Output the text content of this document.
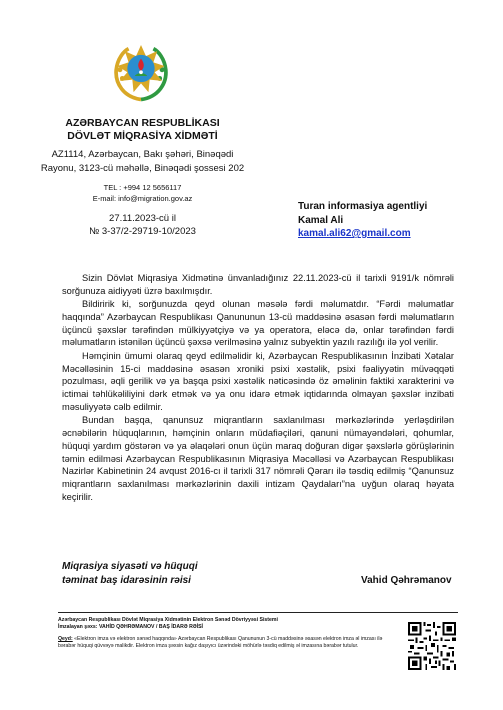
AZƏRBAYCAN RESPUBLİKASI
DÖVLƏT MİQRASİYA XİDMƏTİ
AZ1114, Azərbaycan, Bakı şəhəri, Binəqədi
Rayonu, 3123-cü məhəllə, Binəqədi şossesi 202
TEL : +994 12 5656117
E-mail: info@migration.gov.az
27.11.2023-cü il
№ 3-37/2-29719-10/2023
Turan informasiya agentliyi
Kamal Ali
kamal.ali62@gmail.com

Sizin Dövlət Miqrasiya Xidmətinə ünvanladığınız 22.11.2023-cü il tarixli 9191/k nömrəli sorğunuza aidiyyəti üzrə baxılmışdır.

Bildiririk ki, sorğunuzda qeyd olunan məsələ fərdi məlumatdır. “Fərdi məlumatlar haqqında” Azərbaycan Respublikası Qanununun 13-cü maddəsinə əsasən fərdi məlumatların üçüncü şəxslər tərəfindən mülkiyyətçiyə və ya operatora, eləcə də, onlar tərəfindən fərdi məlumatların istənilən üçüncü şəxsə verilməsinə yalnız subyektin yazılı razılığı ilə yol verilir.

Həmçinin ümumi olaraq qeyd edilməlidir ki, Azərbaycan Respublikasının İnzibati Xətalar Məcəlləsinin 15-ci maddəsinə əsasən xroniki psixi xəstəlik, psixi fəaliyyətin müvəqqəti pozulması, əqli gerilik və ya başqa psixi xəstəlik nəticəsində öz əməlinin faktiki xarakterini və ictimai təhlükəliliyini dərk etmək və ya onu idarə etmək iqtidarında olmayan şəxslər inzibati məsuliyyətə cəlb edilmir.

Bundan başqa, qanunsuz miqrantların saxlanılması mərkəzlərində yerləşdirilən əcnəbilərin hüquqlarının, həmçinin onların müdafiəçiləri, qanuni nümayəndələri, qohumlar, hüquqi yardım göstərən və ya əlaqələri onun üçün maraq doğuran digər şəxslərlə görüşlərinin təmin edilməsi Azərbaycan Respublikasının Miqrasiya Məcəlləsi və Azərbaycan Respublikası Nazirlər Kabinetinin 24 avqust 2016-cı il tarixli 317 nömrəli Qərarı ilə təsdiq edilmiş “Qanunsuz miqrantların saxlanılması mərkəzlərinin daxili intizam Qaydaları”na uyğun olaraq həyata keçirilir.

Miqrasiya siyasəti və hüquqi
təminat baş idarəsinin rəisi	Vahid Qəhrəmanov
Azərbaycan Respublikası Dövlət Miqrasiya Xidmətinin Elektron Sənəd Dövriyyəsi Sistemi
İmzalayan şəxs: VAHİD QƏHRƏMANOV / BAŞ İDARƏ RƏİSİ
Qeyd: «Elektron imza və elektron sənəd haqqında» Azərbaycan Respublikası Qanununun 3-cü maddəsinə əsasən elektron imza əl imzası ilə bərabər hüquqi qüvvəyə malikdir. Elektron imza şəxsin kağız daşıyıcı üzərindəki möhürlə təsdiq edilmiş əl imzasına bərabər tutulur.
